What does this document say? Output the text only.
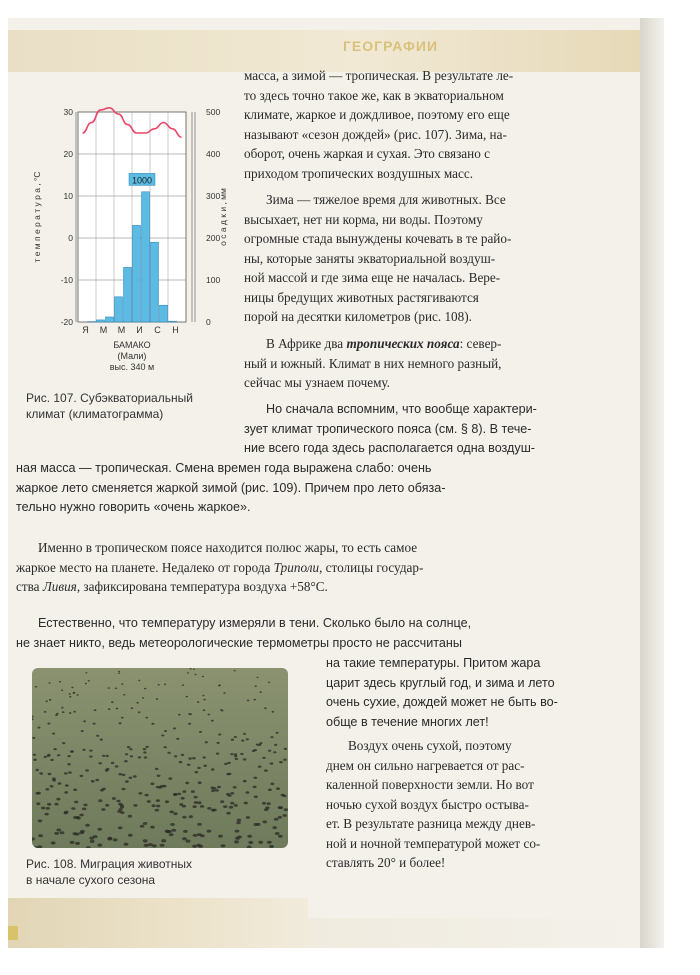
ГЕОГРАФИИ
1000
30
20
10
0
-10
-20
500
400
300
200
100
0
Я М М И С Н
т е м п е р а т у р а , °С	о с а д к и , мм
БАМАКО
(Мали)
выс. 340 м
Рис. 107. Субэкваториальный
климат (климатограмма)

масса, а зимой — тропическая. В результате ле-

то здесь точно такое же, как в экваториальном

климате, жаркое и дождливое, поэтому его еще

называют «сезон дождей» (рис. 107). Зима, на-

оборот, очень жаркая и сухая. Это связано с

приходом тропических воздушных масс.

Зима — тяжелое время для животных. Все

высыхает, нет ни корма, ни воды. Поэтому

огромные стада вынуждены кочевать в те райо-

ны, которые заняты экваториальной воздуш-

ной массой и где зима еще не началась. Вере-

ницы бредущих животных растягиваются

порой на десятки километров (рис. 108).

В Африке два тропических пояса: север-

ный и южный. Климат в них немного разный,

сейчас мы узнаем почему.

Но сначала вспомним, что вообще характери-

зует климат тропического пояса (см. § 8). В тече-

ние всего года здесь располагается одна воздуш-

ная масса — тропическая. Смена времен года выражена слабо: очень

жаркое лето сменяется жаркой зимой (рис. 109). Причем про лето обяза-

тельно нужно говорить «очень жаркое».

Именно в тропическом поясе находится полюс жары, то есть самое

жаркое место на планете. Недалеко от города Триполи, столицы государ-

ства Ливия, зафиксирована температура воздуха +58°C.

Естественно, что температуру измеряли в тени. Сколько было на солнце,

не знает никто, ведь метеорологические термометры просто не рассчитаны

на такие температуры. Притом жара

царит здесь круглый год, и зима и лето

очень сухие, дождей может не быть во-

обще в течение многих лет!

Воздух очень сухой, поэтому

днем он сильно нагревается от рас-

каленной поверхности земли. Но вот

ночью сухой воздух быстро остыва-

ет. В результате разница между днев-

ной и ночной температурой может со-

ставлять 20° и более!

Рис. 108. Миграция животных
в начале сухого сезона
